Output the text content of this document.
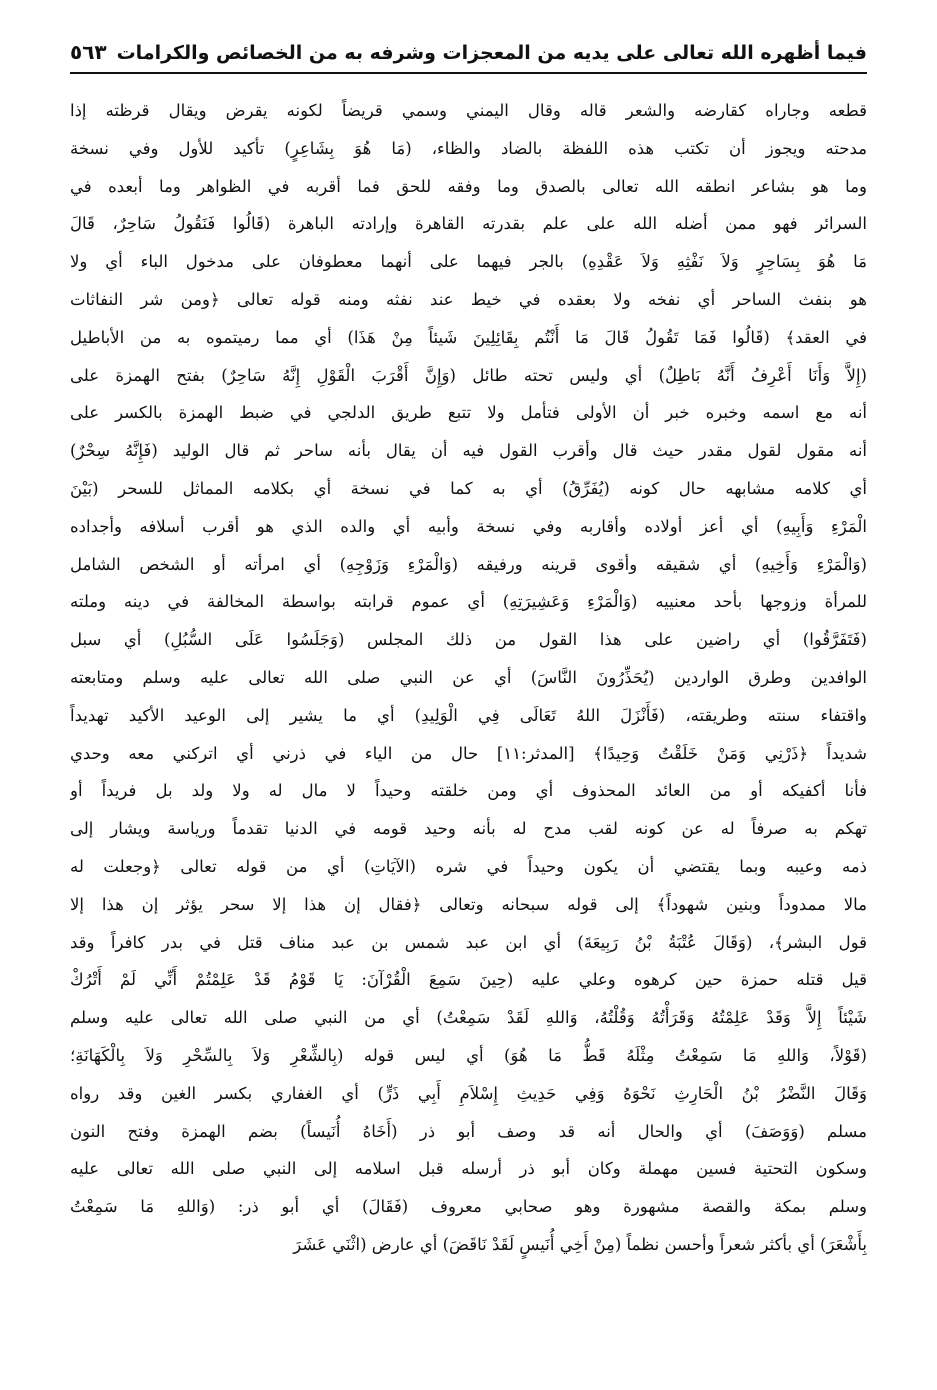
فيما أظهره الله تعالى على يديه من المعجزات وشرفه به من الخصائص والكرامات
٥٦٣
قطعه وجاراه كقارضه والشعر قاله وقال اليمني وسمي قريضاً لكونه يقرض ويقال قرظته إذا
مدحته ويجوز أن تكتب هذه اللفظة بالضاد والظاء، (مَا هُوَ بِشَاعِرٍ) تأكيد للأول وفي نسخة
وما هو بشاعر انطقه الله تعالى بالصدق وما وفقه للحق فما أقربه في الظواهر وما أبعده في
السرائر فهو ممن أضله الله على علم بقدرته القاهرة وإرادته الباهرة (قَالُوا فَنَقُولُ سَاحِرٌ، قَالَ
مَا هُوَ بِسَاحِرٍ وَلاَ نَفْثِهِ وَلاَ عَقْدِهِ) بالجر فيهما على أنهما معطوفان على مدخول الباء أي ولا
هو بنفث الساحر أي نفخه ولا بعقده في خيط عند نفثه ومنه قوله تعالى ﴿ومن شر النفاثات
في العقد﴾ (قَالُوا فَمَا تَقُولُ قَالَ مَا أَنْتُم بِقَائِلِينَ شَيئاً مِنْ هَذَا) أي مما رميتموه به من الأباطيل
(إِلاَّ وَأَنَا أَعْرِفُ أَنَّهُ بَاطِلٌ) أي وليس تحته طائل (وَإِنَّ أَقْرَبَ الْقَوْلِ إِنَّهُ سَاحِرٌ) بفتح الهمزة على
أنه مع اسمه وخبره خبر أن الأولى فتأمل ولا تتبع طريق الدلجي في ضبط الهمزة بالكسر على
أنه مقول لقول مقدر حيث قال وأقرب القول فيه أن يقال بأنه ساحر ثم قال الوليد (فَإِنَّهُ سِحْرٌ)
أي كلامه مشابهه حال كونه (يُفَرِّقُ) أي به كما في نسخة أي بكلامه المماثل للسحر (بَيْنَ
الْمَرْءِ وَأَبِيهِ) أي أعز أولاده وأقاربه وفي نسخة وأبيه أي والده الذي هو أقرب أسلافه وأجداده
(وَالْمَرْءِ وَأَخِيهِ) أي شقيقه وأقوى قرينه ورفيقه (وَالْمَرْءِ وَزَوْجِهِ) أي امرأته أو الشخص الشامل
للمرأة وزوجها بأحد معنييه (وَالْمَرْءِ وَعَشِيرَتِهِ) أي عموم قرابته بواسطة المخالفة في دينه وملته
(فَتَفَرَّقُوا) أي راضين على هذا القول من ذلك المجلس (وَجَلَسُوا عَلَى السُّبُلِ) أي سبل
الوافدين وطرق الواردين (يُحَذِّرُونَ النَّاسَ) أي عن النبي صلى الله تعالى عليه وسلم ومتابعته
واقتفاء سنته وطريقته، (فَأَنْزَلَ اللهُ تَعَالَى فِي الْوَلِيدِ) أي ما يشير إلى الوعيد الأكيد تهديداً
شديداً ﴿ذَرْنِي وَمَنْ خَلَقْتُ وَحِيدًا﴾ [المدثر:١١] حال من الياء في ذرني أي اتركني معه وحدي
فأنا أكفيكه أو من العائد المحذوف أي ومن خلقته وحيداً لا مال له ولا ولد بل فريداً أو
تهكم به صرفاً له عن كونه لقب مدح له بأنه وحيد قومه في الدنيا تقدماً ورياسة ويشار إلى
ذمه وعيبه وبما يقتضي أن يكون وحيداً في شره (الآيَاتِ) أي من قوله تعالى ﴿وجعلت له
مالا ممدوداً وبنين شهوداً﴾ إلى قوله سبحانه وتعالى ﴿فقال إن هذا إلا سحر يؤثر إن هذا إلا
قول البشر﴾، (وَقَالَ عُتْبَةُ بْنُ رَبِيعَةَ) أي ابن عبد شمس بن عبد مناف قتل في بدر كافراً وقد
قيل قتله حمزة حين كرهوه وعلي عليه (حِينَ سَمِعَ الْقُرْآنَ: يَا قَوْمُ قَدْ عَلِمْتُمْ أَنِّي لَمْ أَتْرُكْ
شَيْئاً إِلاَّ وَقَدْ عَلِمْتُهُ وَقَرَأْتُهُ وَقُلْتُهُ، وَاللهِ لَقَدْ سَمِعْتُ) أي من النبي صلى الله تعالى عليه وسلم
(قَوْلاً، وَاللهِ مَا سَمِعْتُ مِثْلَهُ قَطُّ مَا هُوَ) أي ليس قوله (بِالشِّعْرِ وَلاَ بِالسِّحْرِ وَلاَ بِالْكَهَانَةِ؛
وَقَالَ النَّضْرُ بْنُ الْحَارِثِ نَحْوَهُ وَفِي حَدِيثِ إِسْلاَمِ أَبِي ذَرٍّ) أي الغفاري بكسر الغين وقد رواه
مسلم (وَوَصَفَ) أي والحال أنه قد وصف أبو ذر (أَخَاهُ أُنَيساً) بضم الهمزة وفتح النون
وسكون التحتية فسين مهملة وكان أبو ذر أرسله قبل اسلامه إلى النبي صلى الله تعالى عليه
وسلم بمكة والقصة مشهورة وهو صحابي معروف (فَقَالَ) أي أبو ذر: (وَاللهِ مَا سَمِعْتُ
بِأَشْعَرَ) أي بأكثر شعراً وأحسن نظماً (مِنْ أَخِي أُنَيسٍ لَقَدْ نَاقَضَ) أي عارض (اثْنَي عَشَرَ
